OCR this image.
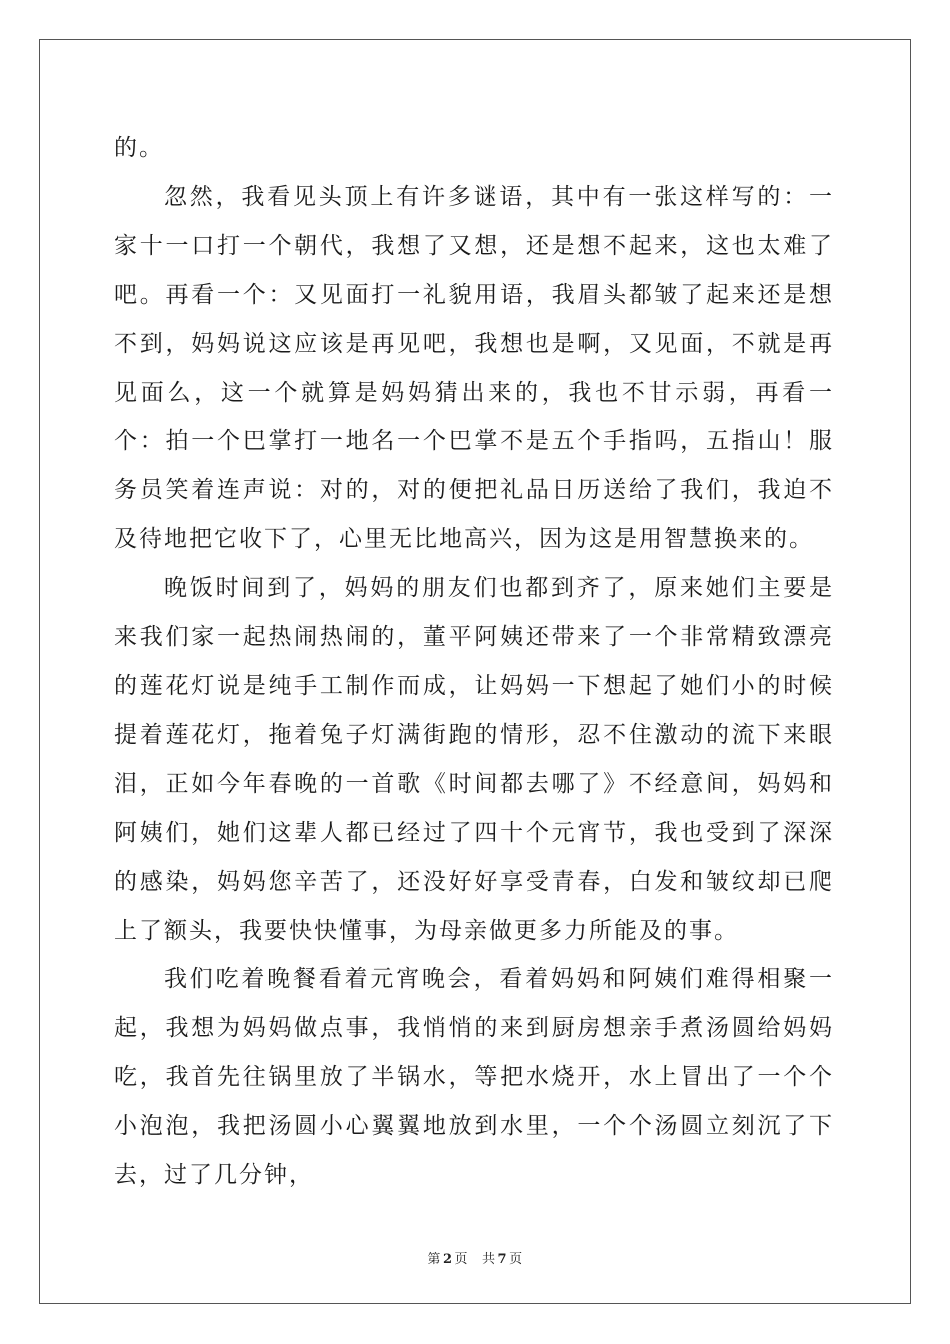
的。

忽然，我看见头顶上有许多谜语，其中有一张这样写的：一家十一口打一个朝代，我想了又想，还是想不起来，这也太难了吧。再看一个：又见面打一礼貌用语，我眉头都皱了起来还是想不到，妈妈说这应该是再见吧，我想也是啊，又见面，不就是再见面么，这一个就算是妈妈猜出来的，我也不甘示弱，再看一个：拍一个巴掌打一地名一个巴掌不是五个手指吗，五指山！服务员笑着连声说：对的，对的便把礼品日历送给了我们，我迫不及待地把它收下了，心里无比地高兴，因为这是用智慧换来的。

晚饭时间到了，妈妈的朋友们也都到齐了，原来她们主要是来我们家一起热闹热闹的，董平阿姨还带来了一个非常精致漂亮的莲花灯说是纯手工制作而成，让妈妈一下想起了她们小的时候提着莲花灯，拖着兔子灯满街跑的情形，忍不住激动的流下来眼泪，正如今年春晚的一首歌《时间都去哪了》不经意间，妈妈和阿姨们，她们这辈人都已经过了四十个元宵节，我也受到了深深的感染，妈妈您辛苦了，还没好好享受青春，白发和皱纹却已爬上了额头，我要快快懂事，为母亲做更多力所能及的事。

我们吃着晚餐看着元宵晚会，看着妈妈和阿姨们难得相聚一起，我想为妈妈做点事，我悄悄的来到厨房想亲手煮汤圆给妈妈吃，我首先往锅里放了半锅水，等把水烧开，水上冒出了一个个小泡泡，我把汤圆小心翼翼地放到水里，一个个汤圆立刻沉了下去，过了几分钟，

第 2 页 共 7 页
